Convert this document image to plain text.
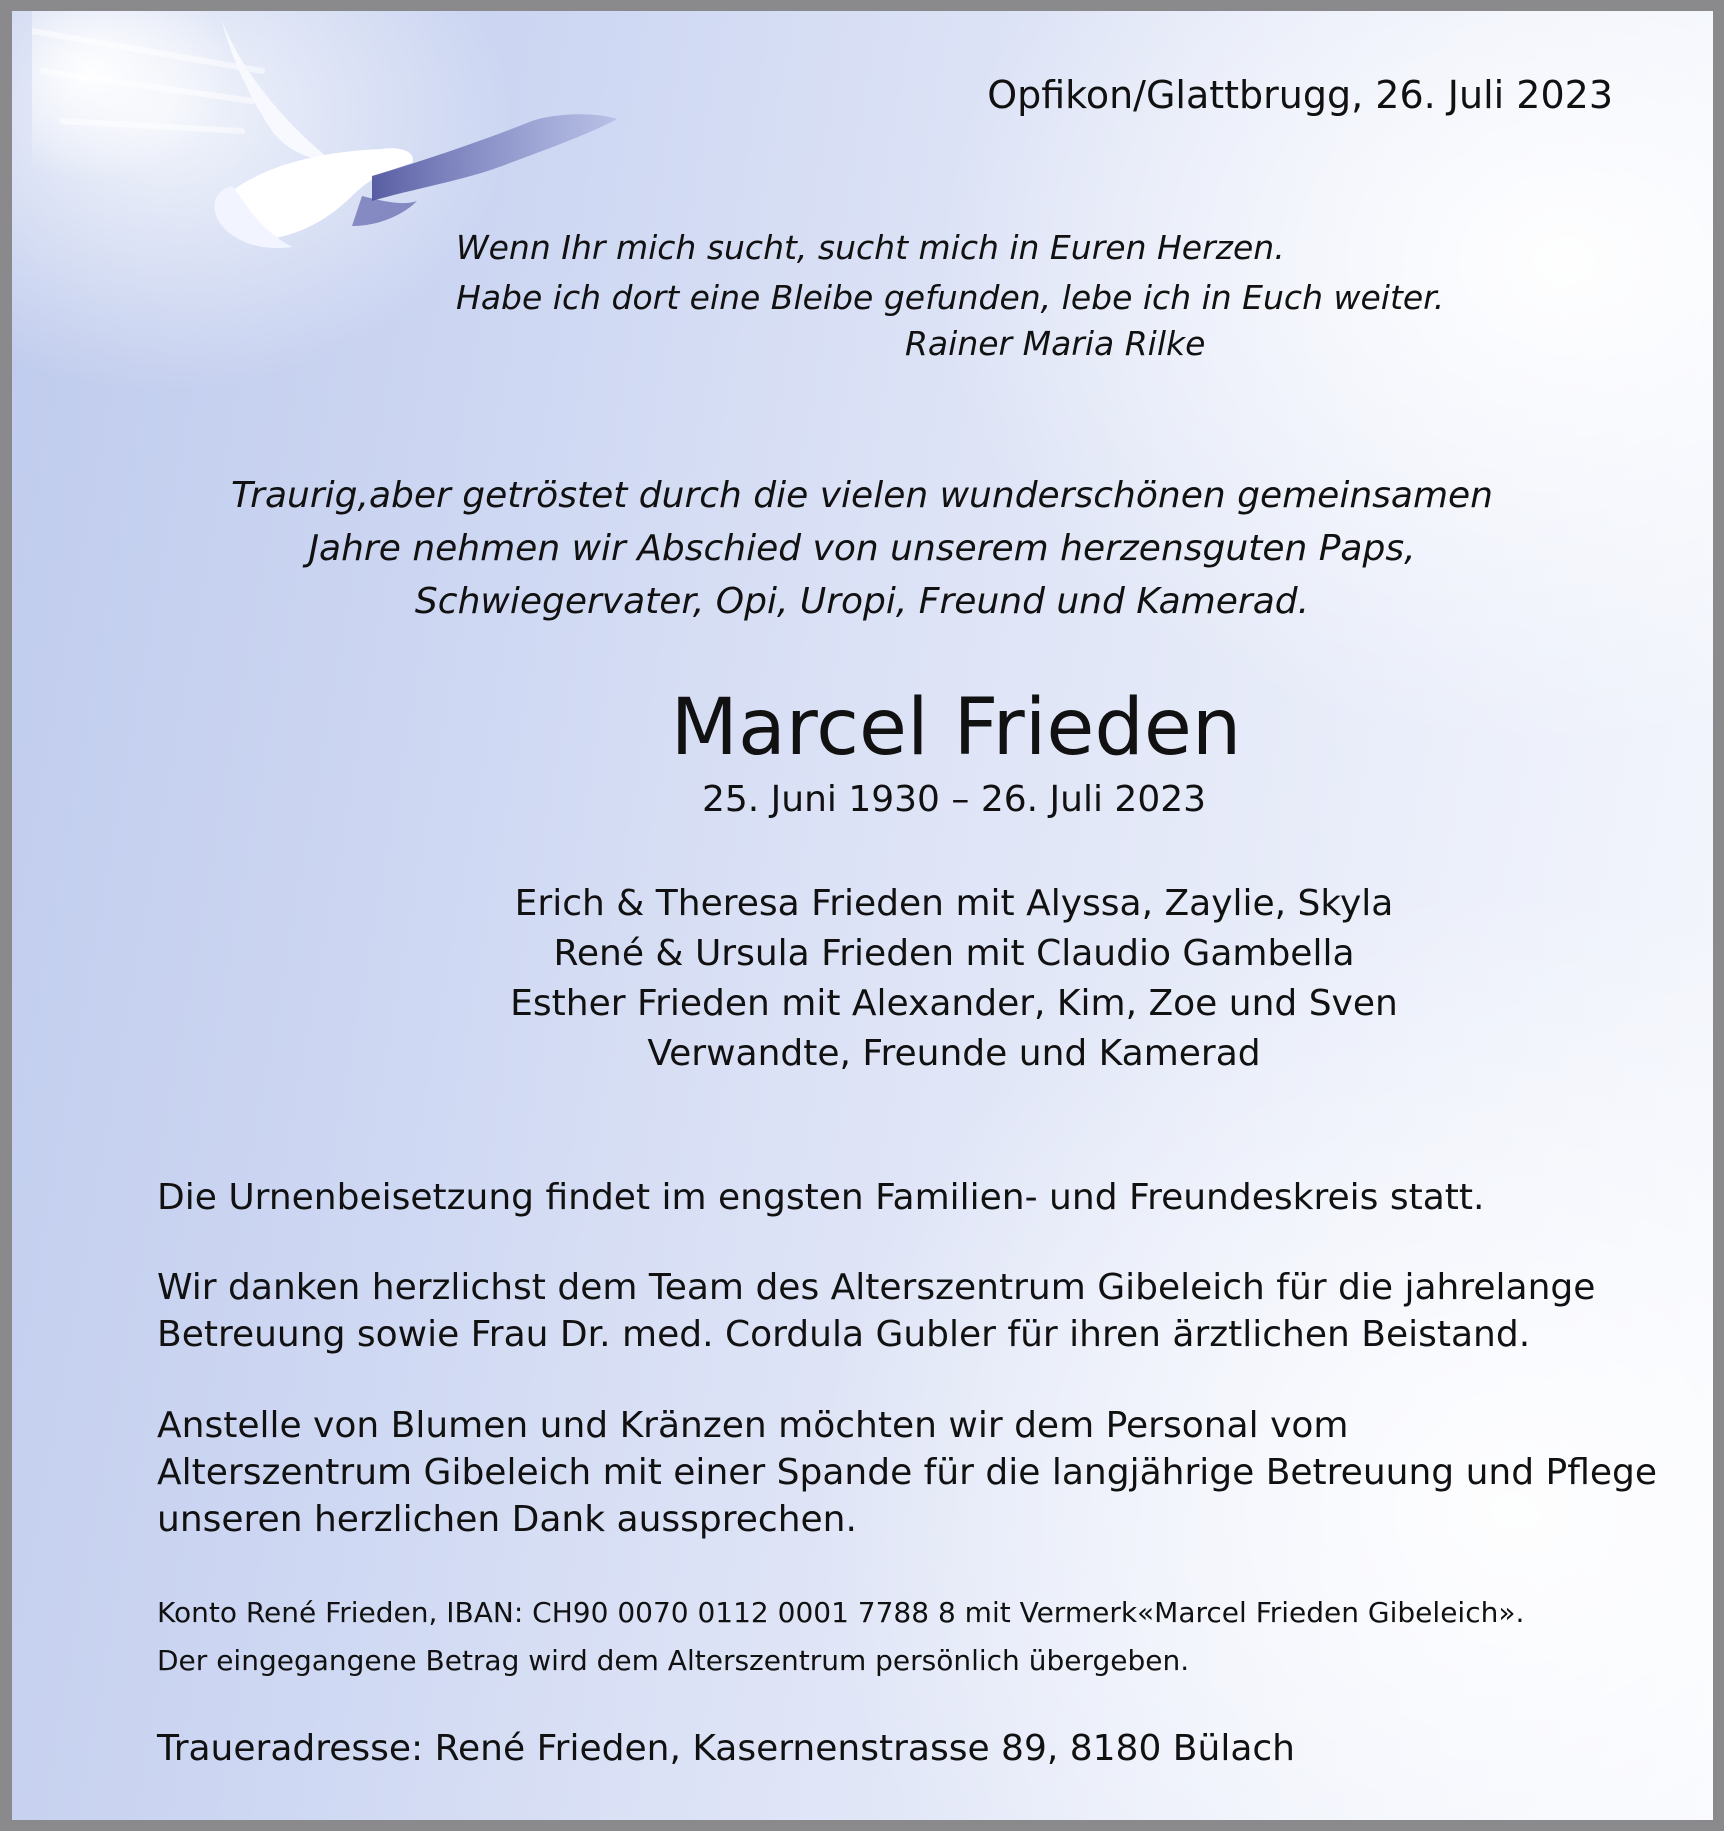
Opfikon/Glattbrugg, 26. Juli 2023

Wenn Ihr mich sucht, sucht mich in Euren Herzen.
Habe ich dort eine Bleibe gefunden, lebe ich in Euch weiter.

Rainer Maria Rilke

Traurig,aber getröstet durch die vielen wunderschönen gemeinsamen
Jahre nehmen wir Abschied von unserem herzensguten Paps,
Schwiegervater, Opi, Uropi, Freund und Kamerad.

Marcel Frieden

25. Juni 1930 – 26. Juli 2023

Erich & Theresa Frieden mit Alyssa, Zaylie, Skyla
René & Ursula Frieden mit Claudio Gambella
Esther Frieden mit Alexander, Kim, Zoe und Sven
Verwandte, Freunde und Kamerad
Die Urnenbeisetzung findet im engsten Familien- und Freundeskreis statt.
Wir danken herzlichst dem Team des Alterszentrum Gibeleich für die jahrelange
Betreuung sowie Frau Dr. med. Cordula Gubler für ihren ärztlichen Beistand.
Anstelle von Blumen und Kränzen möchten wir dem Personal vom
Alterszentrum Gibeleich mit einer Spande für die langjährige Betreuung und Pflege
unseren herzlichen Dank aussprechen.
Konto René Frieden, IBAN: CH90 0070 0112 0001 7788 8 mit Vermerk«Marcel Frieden Gibeleich».
Der eingegangene Betrag wird dem Alterszentrum persönlich übergeben.

Traueradresse: René Frieden, Kasernenstrasse 89, 8180 Bülach
